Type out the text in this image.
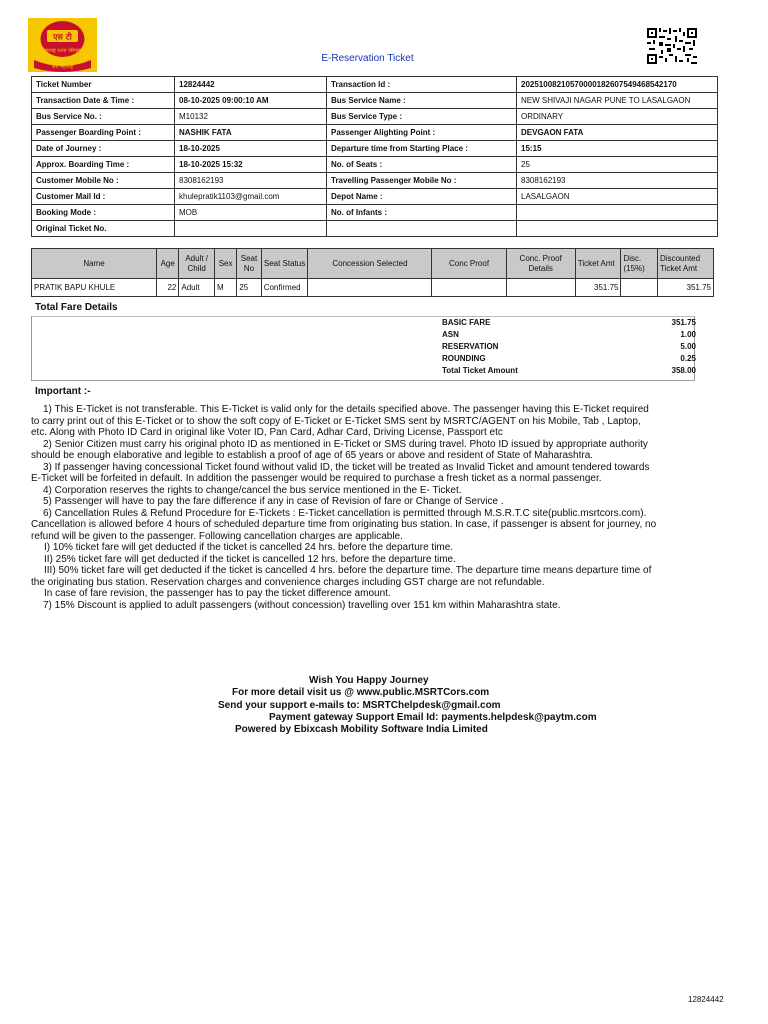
एस टी
महाराष्ट्र राज्य परिवहन
जय महाराष्ट्र
E-Reservation Ticket
Ticket Number	12824442	Transaction Id :	20251008210570000182607549468542170
Transaction Date & Time :	08-10-2025 09:00:10 AM	Bus Service Name :	NEW SHIVAJI NAGAR PUNE TO LASALGAON
Bus Service No. :	M10132	Bus Service Type :	ORDINARY
Passenger Boarding Point :	NASHIK FATA	Passenger Alighting Point :	DEVGAON FATA
Date of Journey :	18-10-2025	Departure time from Starting Place :	15:15
Approx. Boarding Time :	18-10-2025 15:32	No. of Seats :	25
Customer Mobile No :	8308162193	Travelling Passenger Mobile No :	8308162193
Customer Mail Id :	khulepratik1103@gmail.com	Depot Name :	LASALGAON
Booking Mode :	MOB	No. of Infants :	
Original Ticket No.			
Name	Age	Adult / Child	Sex	Seat No	Seat Status	Concession Selected	Conc Proof	Conc. Proof Details	Ticket Amt	Disc. (15%)	Discounted Ticket Amt
PRATIK BAPU KHULE	22	Adult	M	25	Confirmed				351.75		351.75
Total Fare Details
BASIC FARE	351.75
ASN	1.00
RESERVATION	5.00
ROUNDING	0.25
Total Ticket Amount	358.00
Important :-

1) This E-Ticket is not transferable. This E-Ticket is valid only for the details specified above. The passenger having this E-Ticket required to carry print out of this E-Ticket or to show the soft copy of E-Ticket or E-Ticket SMS sent by MSRTC/AGENT on his Mobile, Tab , Laptop, etc. Along with Photo ID Card in original like Voter ID, Pan Card, Adhar Card, Driving License, Passport etc

2) Senior Citizen must carry his original photo ID as mentioned in E-Ticket or SMS during travel. Photo ID issued by appropriate authority should be enough elaborative and legible to establish a proof of age of 65 years or above and resident of State of Maharashtra.

3) If passenger having concessional Ticket found without valid ID, the ticket will be treated as Invalid Ticket and amount tendered towards E-Ticket will be forfeited in default. In addition the passenger would be required to purchase a fresh ticket as a normal passenger.

4) Corporation reserves the rights to change/cancel the bus service mentioned in the E- Ticket.

5) Passenger will have to pay the fare difference if any in case of Revision of fare or Change of Service .

6) Cancellation Rules & Refund Procedure for E-Tickets : E-Ticket cancellation is permitted through M.S.R.T.C site(public.msrtcors.com). Cancellation is allowed before 4 hours of scheduled departure time from originating bus station. In case, if passenger is absent for journey, no refund will be given to the passenger. Following cancellation charges are applicable.

I) 10% ticket fare will get deducted if the ticket is cancelled 24 hrs. before the departure time.

II) 25% ticket fare will get deducted if the ticket is cancelled 12 hrs. before the departure time.

III) 50% ticket fare will get deducted if the ticket is cancelled 4 hrs. before the departure time. The departure time means departure time of the originating bus station. Reservation charges and convenience charges including GST charge are not refundable.

In case of fare revision, the passenger has to pay the ticket difference amount.

7) 15% Discount is applied to adult passengers (without concession) travelling over 151 km within Maharashtra state.

Wish You Happy Journey
For more detail visit us @ www.public.MSRTCors.com
Send your support e-mails to: MSRTChelpdesk@gmail.com
Payment gateway Support Email Id: payments.helpdesk@paytm.com
Powered by Ebixcash Mobility Software India Limited
12824442
